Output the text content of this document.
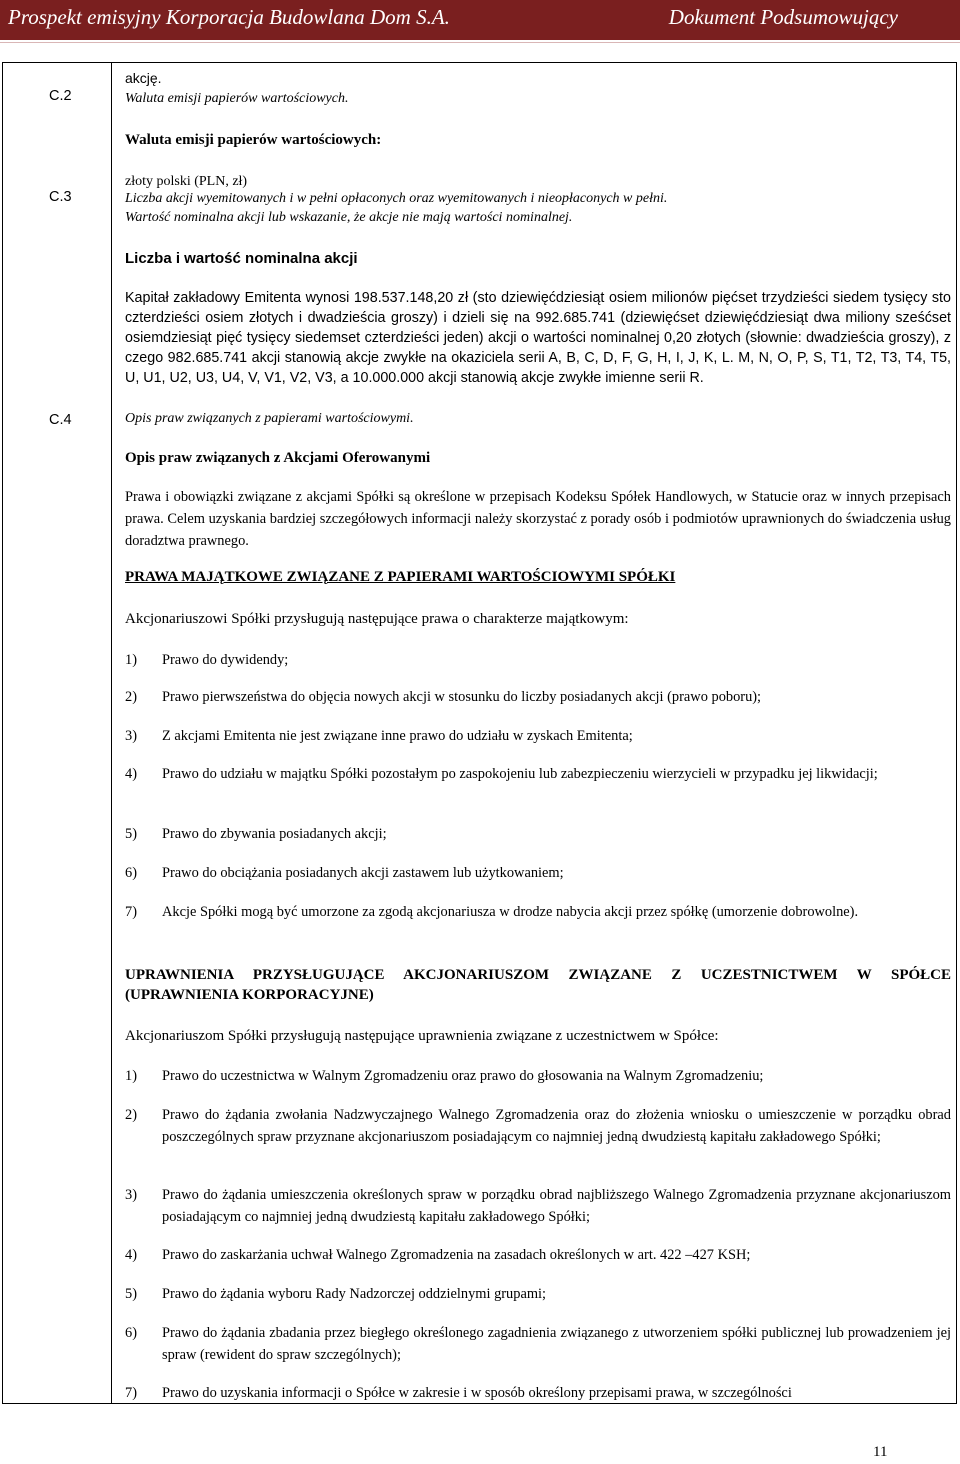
Prospekt emisyjny Korporacja Budowlana Dom S.A.	Dokument Podsumowujący

akcję.

C.2	Waluta emisji papierów wartościowych.

Waluta emisji papierów wartościowych:

złoty polski (PLN, zł)

C.3	Liczba akcji wyemitowanych i w pełni opłaconych oraz wyemitowanych i nieopłaconych w pełni.

Wartość nominalna akcji lub wskazanie, że akcje nie mają wartości nominalnej.

Liczba i wartość nominalna akcji

Kapitał zakładowy Emitenta wynosi 198.537.148,20 zł (sto dziewięćdziesiąt osiem milionów pięćset trzydzieści siedem tysięcy sto czterdzieści osiem złotych i dwadzieścia groszy) i dzieli się na 992.685.741 (dziewięćset dziewięćdziesiąt dwa miliony sześćset osiemdziesiąt pięć tysięcy siedemset czterdzieści jeden) akcji o wartości nominalnej 0,20 złotych (słownie: dwadzieścia groszy), z czego 982.685.741 akcji stanowią akcje zwykłe na okaziciela serii A, B, C, D, F, G, H, I, J, K, L. M, N, O, P, S, T1, T2, T3, T4, T5, U, U1, U2, U3, U4, V, V1, V2, V3, a 10.000.000 akcji stanowią akcje zwykłe imienne serii R.

C.4	Opis praw związanych z papierami wartościowymi.

Opis praw związanych z Akcjami Oferowanymi

Prawa i obowiązki związane z akcjami Spółki są określone w przepisach Kodeksu Spółek Handlowych, w Statucie oraz w innych przepisach prawa. Celem uzyskania bardziej szczegółowych informacji należy skorzystać z porady osób i podmiotów uprawnionych do świadczenia usług doradztwa prawnego.

PRAWA MAJĄTKOWE ZWIĄZANE Z PAPIERAMI WARTOŚCIOWYMI SPÓŁKI

Akcjonariuszowi Spółki przysługują następujące prawa o charakterze majątkowym:

1) Prawo do dywidendy;
2) Prawo pierwszeństwa do objęcia nowych akcji w stosunku do liczby posiadanych akcji (prawo poboru);
3) Z akcjami Emitenta nie jest związane inne prawo do udziału w zyskach Emitenta;
4) Prawo do udziału w majątku Spółki pozostałym po zaspokojeniu lub zabezpieczeniu wierzycieli w przypadku jej likwidacji;
5) Prawo do zbywania posiadanych akcji;
6) Prawo do obciążania posiadanych akcji zastawem lub użytkowaniem;
7) Akcje Spółki mogą być umorzone za zgodą akcjonariusza w drodze nabycia akcji przez spółkę (umorzenie dobrowolne).

UPRAWNIENIA PRZYSŁUGUJĄCE AKCJONARIUSZOM ZWIĄZANE Z UCZESTNICTWEM W SPÓŁCE (UPRAWNIENIA KORPORACYJNE)

Akcjonariuszom Spółki przysługują następujące uprawnienia związane z uczestnictwem w Spółce:

1) Prawo do uczestnictwa w Walnym Zgromadzeniu oraz prawo do głosowania na Walnym Zgromadzeniu;
2) Prawo do żądania zwołania Nadzwyczajnego Walnego Zgromadzenia oraz do złożenia wniosku o umieszczenie w porządku obrad poszczególnych spraw przyznane akcjonariuszom posiadającym co najmniej jedną dwudziestą kapitału zakładowego Spółki;
3) Prawo do żądania umieszczenia określonych spraw w porządku obrad najbliższego Walnego Zgromadzenia przyznane akcjonariuszom posiadającym co najmniej jedną dwudziestą kapitału zakładowego Spółki;
4) Prawo do zaskarżania uchwał Walnego Zgromadzenia na zasadach określonych w art. 422 –427 KSH;
5) Prawo do żądania wyboru Rady Nadzorczej oddzielnymi grupami;
6) Prawo do żądania zbadania przez biegłego określonego zagadnienia związanego z utworzeniem spółki publicznej lub prowadzeniem jej spraw (rewident do spraw szczególnych);
7) Prawo do uzyskania informacji o Spółce w zakresie i w sposób określony przepisami prawa, w szczególności
11
